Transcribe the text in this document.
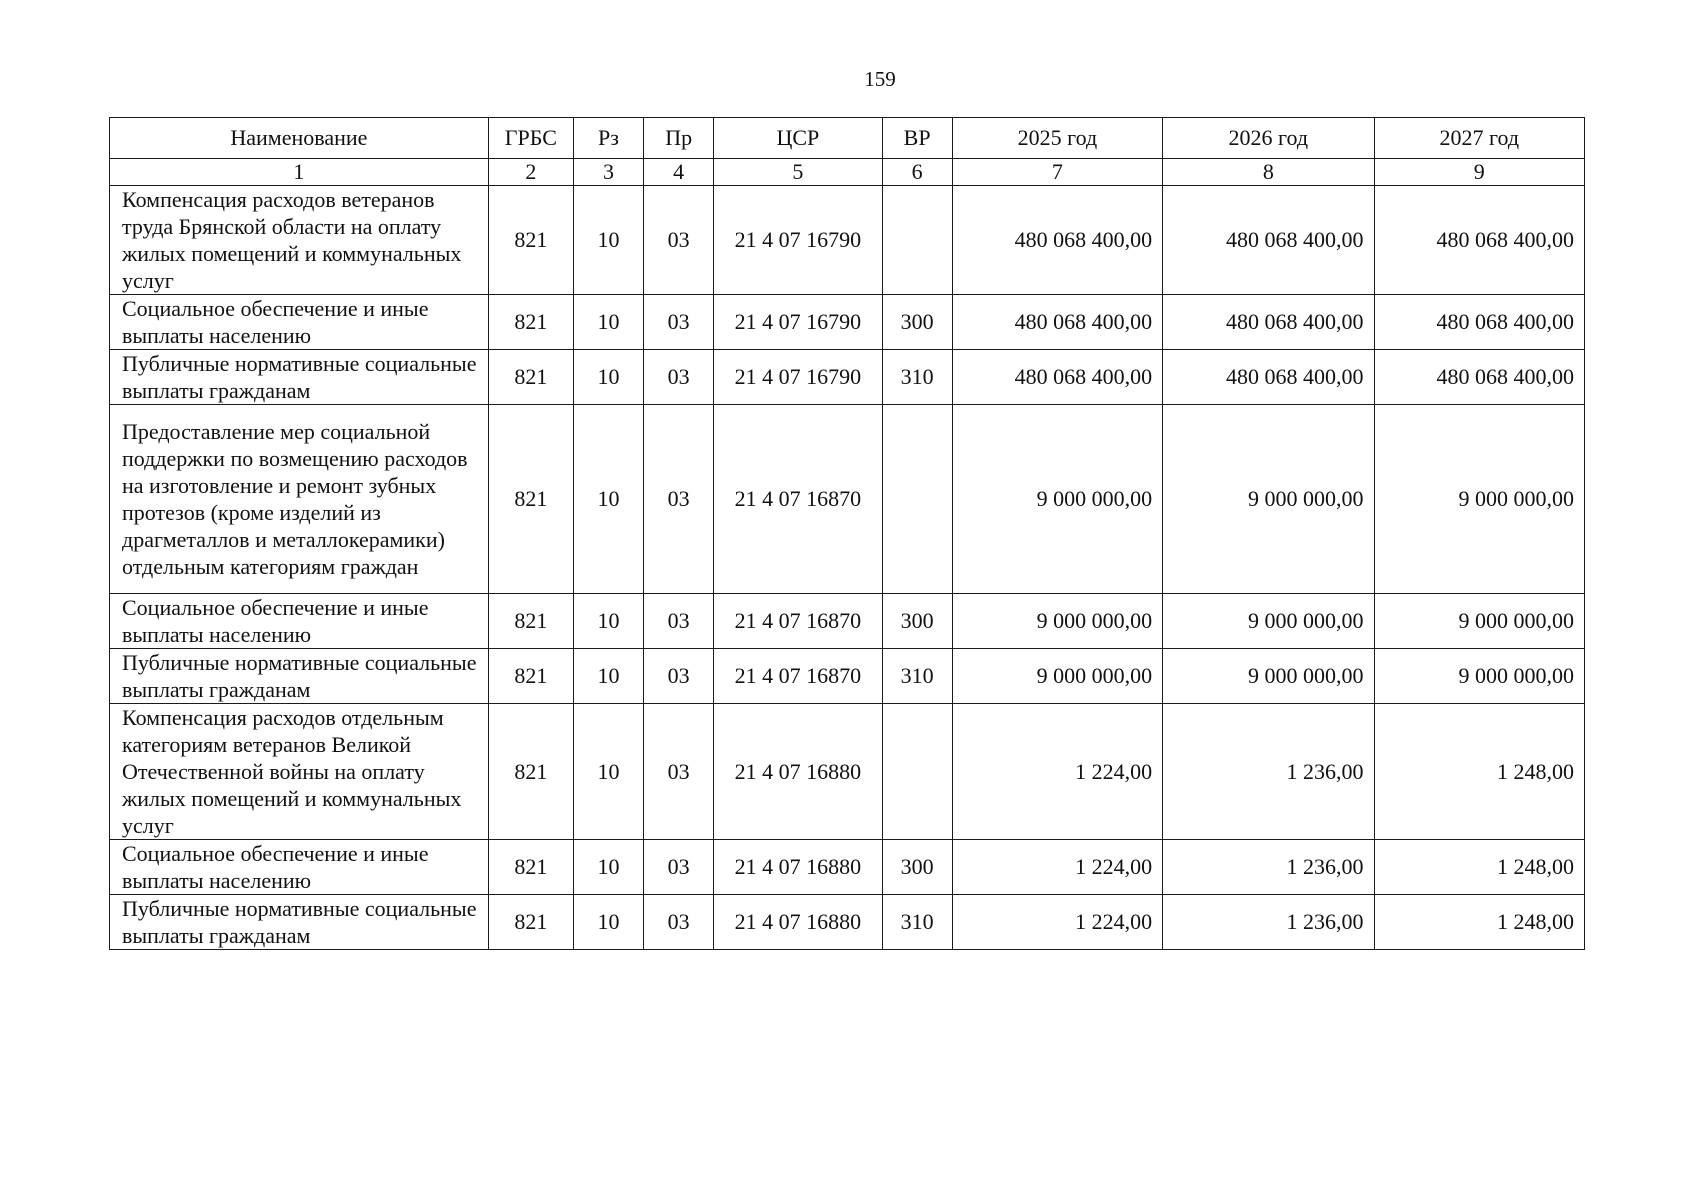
159
Наименование	ГРБС	Рз	Пр	ЦСР	ВР	2025 год	2026 год	2027 год
1	2	3	4	5	6	7	8	9
Компенсация расходов ветеранов труда Брянской области на оплату жилых помещений и коммунальных услуг	821	10	03	21 4 07 16790		480 068 400,00	480 068 400,00	480 068 400,00
Социальное обеспечение и иные выплаты населению	821	10	03	21 4 07 16790	300	480 068 400,00	480 068 400,00	480 068 400,00
Публичные нормативные социальные выплаты гражданам	821	10	03	21 4 07 16790	310	480 068 400,00	480 068 400,00	480 068 400,00
Предоставление мер социальной поддержки по возмещению расходов на изготовление и ремонт зубных протезов (кроме изделий из драгметаллов и металлокерамики) отдельным категориям граждан	821	10	03	21 4 07 16870		9 000 000,00	9 000 000,00	9 000 000,00
Социальное обеспечение и иные выплаты населению	821	10	03	21 4 07 16870	300	9 000 000,00	9 000 000,00	9 000 000,00
Публичные нормативные социальные выплаты гражданам	821	10	03	21 4 07 16870	310	9 000 000,00	9 000 000,00	9 000 000,00
Компенсация расходов отдельным категориям ветеранов Великой Отечественной войны на оплату жилых помещений и коммунальных услуг	821	10	03	21 4 07 16880		1 224,00	1 236,00	1 248,00
Социальное обеспечение и иные выплаты населению	821	10	03	21 4 07 16880	300	1 224,00	1 236,00	1 248,00
Публичные нормативные социальные выплаты гражданам	821	10	03	21 4 07 16880	310	1 224,00	1 236,00	1 248,00
